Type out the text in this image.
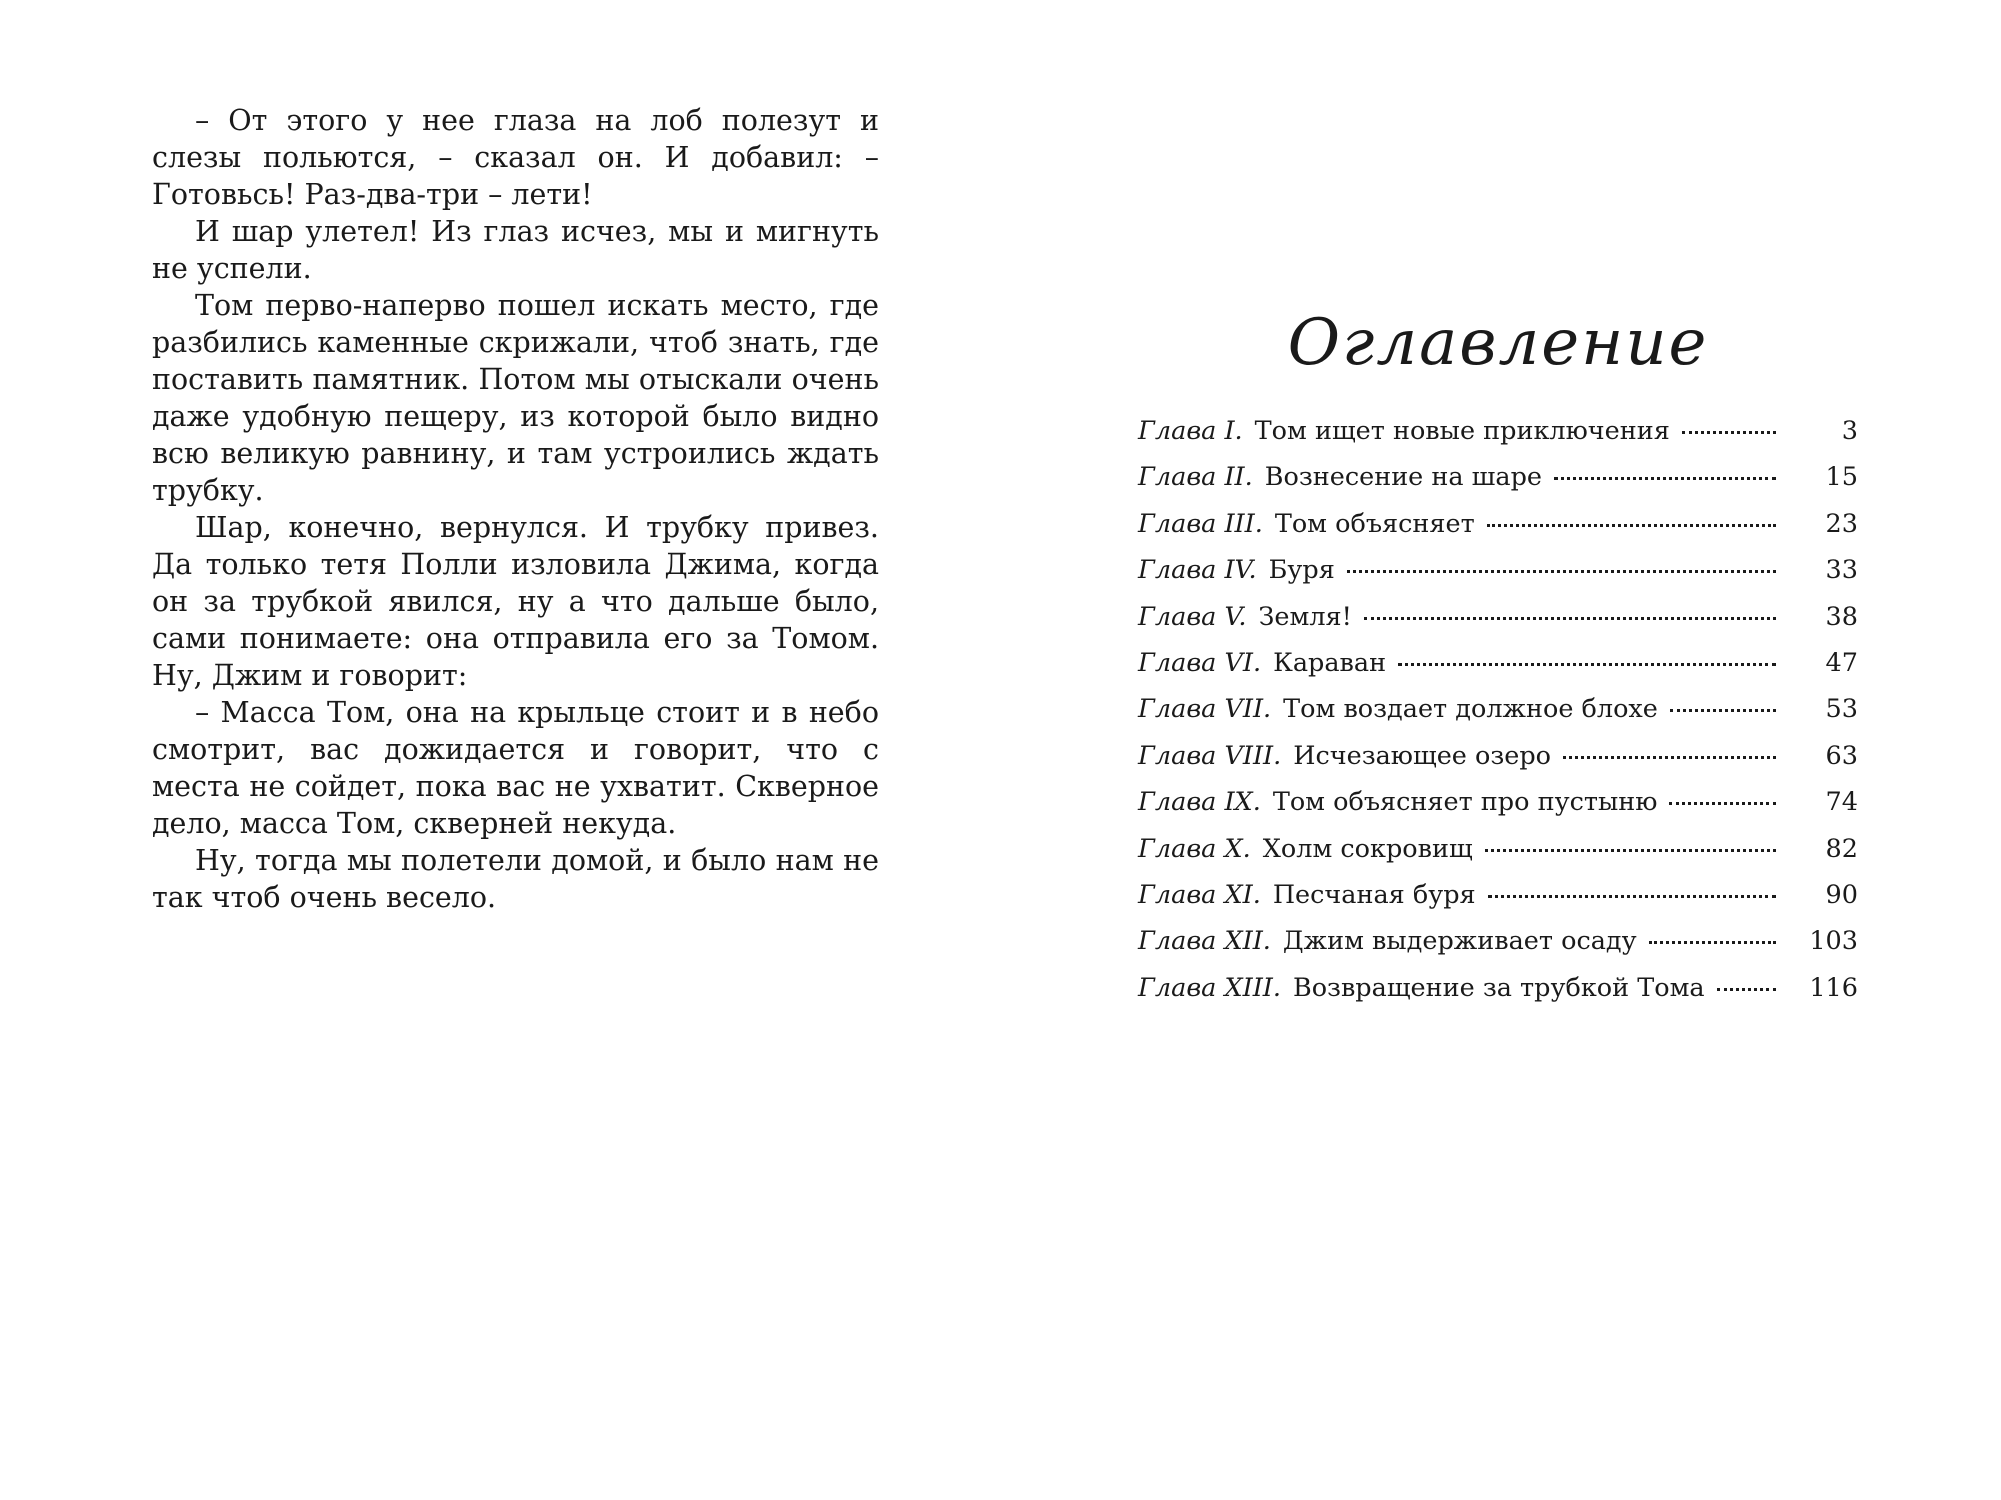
– От этого у нее глаза на лоб полезут и слезы польются, – сказал он. И добавил: – Готовьсь! Раз-два-три – лети!

И шар улетел! Из глаз исчез, мы и мигнуть не успели.

Том перво-наперво пошел искать место, где разбились каменные скрижали, чтоб знать, где поставить памятник. Потом мы отыскали очень даже удобную пещеру, из которой было видно всю великую равнину, и там устроились ждать трубку.

Шар, конечно, вернулся. И трубку привез. Да только тетя Полли изловила Джима, когда он за трубкой явился, ну а что дальше было, сами понимаете: она отправила его за Томом. Ну, Джим и говорит:

– Масса Том, она на крыльце стоит и в небо смотрит, вас дожидается и говорит, что с места не сойдет, пока вас не ухватит. Скверное дело, масса Том, скверней некуда.

Ну, тогда мы полетели домой, и было нам не так чтоб очень весело.

Оглавление
Глава I. Том ищет новые приключения	3
Глава II. Вознесение на шаре	15
Глава III. Том объясняет	23
Глава IV. Буря	33
Глава V. Земля!	38
Глава VI. Караван	47
Глава VII. Том воздает должное блохе	53
Глава VIII. Исчезающее озеро	63
Глава IX. Том объясняет про пустыню	74
Глава X. Холм сокровищ	82
Глава XI. Песчаная буря	90
Глава XII. Джим выдерживает осаду	103
Глава XIII. Возвращение за трубкой Тома	116
